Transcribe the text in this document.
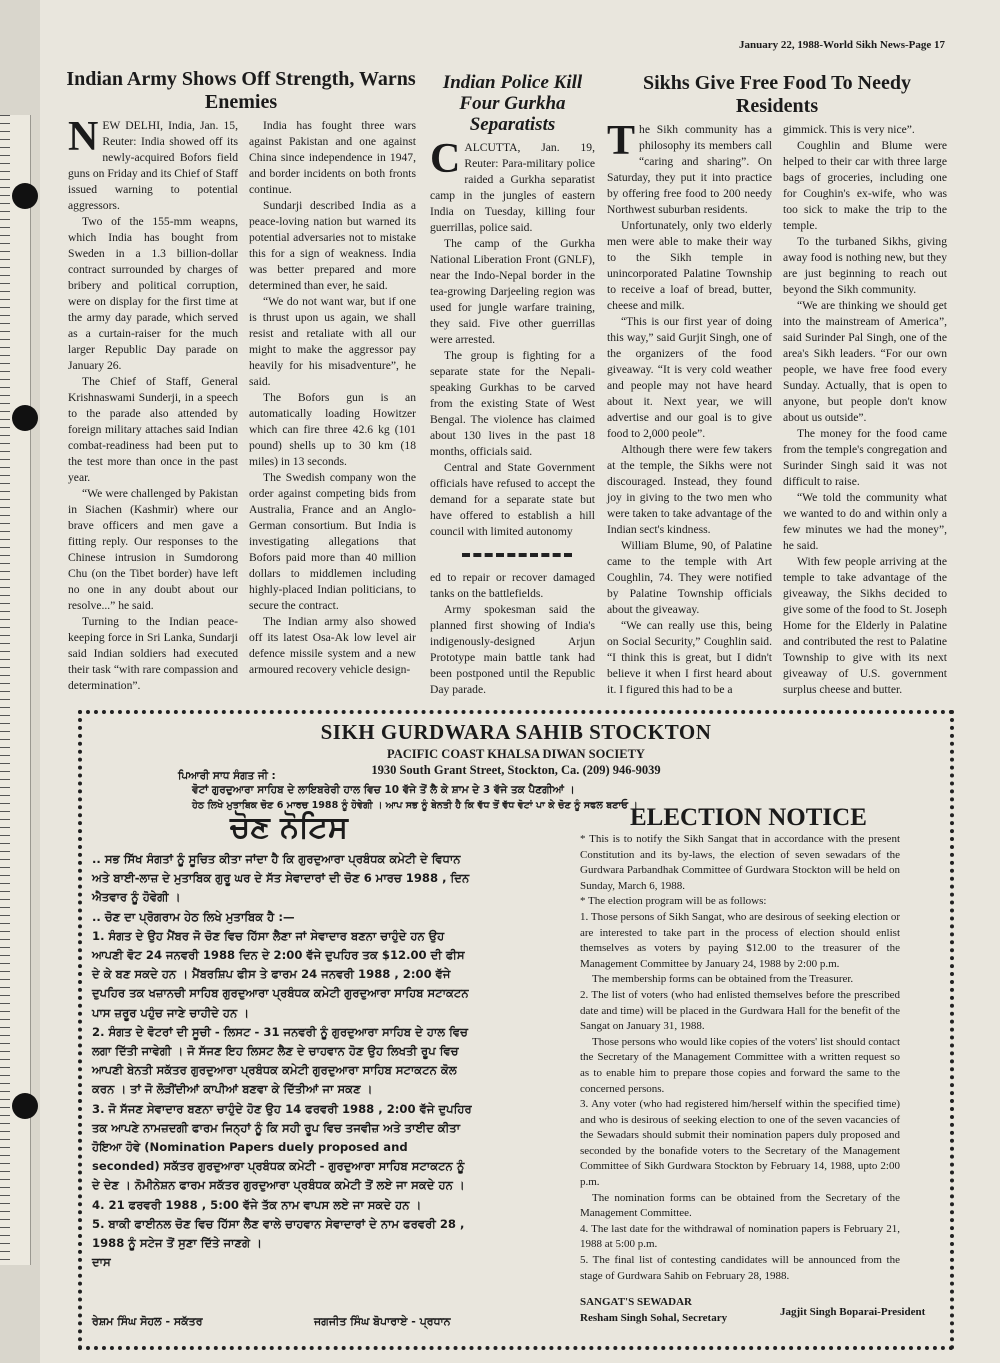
January 22, 1988-World Sikh News-Page 17
Indian Army Shows Off Strength, Warns Enemies

NEW DELHI, India, Jan. 15, Reuter: India showed off its newly-acquired Bofors field guns on Friday and its Chief of Staff issued warning to potential aggressors.

Two of the 155-mm weapns, which India has bought from Sweden in a 1.3 billion-dollar contract surrounded by charges of bribery and political corruption, were on display for the first time at the army day parade, which served as a curtain-raiser for the much larger Republic Day parade on January 26.

The Chief of Staff, General Krishnaswami Sunderji, in a speech to the parade also attended by foreign military attaches said Indian combat-readiness had been put to the test more than once in the past year.

“We were challenged by Pakistan in Siachen (Kashmir) where our brave officers and men gave a fitting reply. Our responses to the Chinese intrusion in Sumdorong Chu (on the Tibet border) have left no one in any doubt about our resolve...” he said.

Turning to the Indian peace-keeping force in Sri Lanka, Sundarji said Indian soldiers had executed their task “with rare compassion and determination”.

India has fought three wars against Pakistan and one against China since independence in 1947, and border incidents on both fronts continue.

Sundarji described India as a peace-loving nation but warned its potential adversaries not to mistake this for a sign of weakness. India was better prepared and more determined than ever, he said.

“We do not want war, but if one is thrust upon us again, we shall resist and retaliate with all our might to make the aggressor pay heavily for his misadventure”, he said.

The Bofors gun is an automatically loading Howitzer which can fire three 42.6 kg (101 pound) shells up to 30 km (18 miles) in 13 seconds.

The Swedish company won the order against competing bids from Australia, France and an Anglo-German consortium. But India is investigating allegations that Bofors paid more than 40 million dollars to middlemen including highly-placed Indian politicians, to secure the contract.

The Indian army also showed off its latest Osa-Ak low level air defence missile system and a new armoured recovery vehicle design-

ed to repair or recover damaged tanks on the battlefields.

Army spokesman said the planned first showing of India's indigenously-designed Arjun Prototype main battle tank had been postponed until the Republic Day parade.

Indian Police Kill Four Gurkha Separatists

CALCUTTA, Jan. 19, Reuter: Para-military police raided a Gurkha separatist camp in the jungles of eastern India on Tuesday, killing four guerrillas, police said.

The camp of the Gurkha National Liberation Front (GNLF), near the Indo-Nepal border in the tea-growing Darjeeling region was used for jungle warfare training, they said. Five other guerrillas were arrested.

The group is fighting for a separate state for the Nepali-speaking Gurkhas to be carved from the existing State of West Bengal. The violence has claimed about 130 lives in the past 18 months, officials said.

Central and State Government officials have refused to accept the demand for a separate state but have offered to establish a hill council with limited autonomy

Sikhs Give Free Food To Needy Residents

The Sikh community has a philosophy its members call “caring and sharing”. On Saturday, they put it into practice by offering free food to 200 needy Northwest suburban residents.

Unfortunately, only two elderly men were able to make their way to the Sikh temple in unincorporated Palatine Township to receive a loaf of bread, butter, cheese and milk.

“This is our first year of doing this way,” said Gurjit Singh, one of the organizers of the food giveaway. “It is very cold weather and people may not have heard about it. Next year, we will advertise and our goal is to give food to 2,000 peole”.

Although there were few takers at the temple, the Sikhs were not discouraged. Instead, they found joy in giving to the two men who were taken to take advantage of the Indian sect's kindness.

William Blume, 90, of Palatine came to the temple with Art Coughlin, 74. They were notified by Palatine Township officials about the giveaway.

“We can really use this, being on Social Security,” Coughlin said. “I think this is great, but I didn't believe it when I first heard about it. I figured this had to be a

gimmick. This is very nice”.

Coughlin and Blume were helped to their car with three large bags of groceries, including one for Coughin's ex-wife, who was too sick to make the trip to the temple.

To the turbaned Sikhs, giving away food is nothing new, but they are just beginning to reach out beyond the Sikh community.

“We are thinking we should get into the mainstream of America”, said Surinder Pal Singh, one of the area's Sikh leaders. “For our own people, we have free food every Sunday. Actually, that is open to anyone, but people don't know about us outside”.

The money for the food came from the temple's congregation and Surinder Singh said it was not difficult to raise.

“We told the community what we wanted to do and within only a few minutes we had the money”, he said.

With few people arriving at the temple to take advantage of the giveaway, the Sikhs decided to give some of the food to St. Joseph Home for the Elderly in Palatine and contributed the rest to Palatine Township to give with its next giveaway of U.S. government surplus cheese and butter.

SIKH GURDWARA SAHIB STOCKTON
PACIFIC COAST KHALSA DIWAN SOCIETY
1930 South Grant Street, Stockton, Ca. (209) 946-9039
ਪਿਆਰੀ ਸਾਧ ਸੰਗਤ ਜੀ :
ਵੋਟਾਂ ਗੁਰਦੁਆਰਾ ਸਾਹਿਬ ਦੇ ਲਾਇਬਰੇਰੀ ਹਾਲ ਵਿਚ 10 ਵੱਜੇ ਤੋਂ ਲੈ ਕੇ ਸ਼ਾਮ ਦੇ 3 ਵੱਜੇ ਤਕ ਪੈਣਗੀਆਂ ।
ਹੇਠ ਲਿਖੇ ਮੁਤਾਬਿਕ ਚੋਣ 6 ਮਾਰਚ 1988 ਨੂੰ ਹੋਵੇਗੀ । ਆਪ ਸਭ ਨੂੰ ਬੇਨਤੀ ਹੈ ਕਿ ਵੱਧ ਤੋਂ ਵੱਧ ਵੋਟਾਂ ਪਾ ਕੇ ਚੋਣ ਨੂੰ ਸਫਲ ਬਣਾਓ ।
ਚੋਣ ਨੋਟਿਸ

.. ਸਭ ਸਿੱਖ ਸੰਗਤਾਂ ਨੂੰ ਸੂਚਿਤ ਕੀਤਾ ਜਾਂਦਾ ਹੈ ਕਿ ਗੁਰਦੁਆਰਾ ਪ੍ਰਬੰਧਕ ਕਮੇਟੀ ਦੇ ਵਿਧਾਨ ਅਤੇ ਬਾਈ-ਲਾਜ਼ ਦੇ ਮੁਤਾਬਿਕ ਗੁਰੂ ਘਰ ਦੇ ਸੱਤ ਸੇਵਾਦਾਰਾਂ ਦੀ ਚੋਣ 6 ਮਾਰਚ 1988 , ਦਿਨ ਐਤਵਾਰ ਨੂੰ ਹੋਵੇਗੀ ।

.. ਚੋਣ ਦਾ ਪ੍ਰੋਗਰਾਮ ਹੇਠ ਲਿਖੇ ਮੁਤਾਬਿਕ ਹੈ :—

1. ਸੰਗਤ ਦੇ ਉਹ ਮੈਂਬਰ ਜੋ ਚੋਣ ਵਿਚ ਹਿੱਸਾ ਲੈਣਾ ਜਾਂ ਸੇਵਾਦਾਰ ਬਣਨਾ ਚਾਹੁੰਦੇ ਹਨ ਉਹ ਆਪਣੀ ਵੋਟ 24 ਜਨਵਰੀ 1988 ਦਿਨ ਦੇ 2:00 ਵੱਜੇ ਦੁਪਹਿਰ ਤਕ $12.00 ਦੀ ਫੀਸ ਦੇ ਕੇ ਬਣ ਸਕਦੇ ਹਨ । ਮੈਂਬਰਸ਼ਿਪ ਫੀਸ ਤੇ ਫਾਰਮ 24 ਜਨਵਰੀ 1988 , 2:00 ਵੱਜੇ ਦੁਪਹਿਰ ਤਕ ਖਜ਼ਾਨਚੀ ਸਾਹਿਬ ਗੁਰਦੁਆਰਾ ਪ੍ਰਬੰਧਕ ਕਮੇਟੀ ਗੁਰਦੁਆਰਾ ਸਾਹਿਬ ਸਟਾਕਟਨ ਪਾਸ ਜ਼ਰੂਰ ਪਹੁੰਚ ਜਾਣੇ ਚਾਹੀਦੇ ਹਨ ।

2. ਸੰਗਤ ਦੇ ਵੋਟਰਾਂ ਦੀ ਸੂਚੀ - ਲਿਸਟ - 31 ਜਨਵਰੀ ਨੂੰ ਗੁਰਦੁਆਰਾ ਸਾਹਿਬ ਦੇ ਹਾਲ ਵਿਚ ਲਗਾ ਦਿੱਤੀ ਜਾਵੇਗੀ । ਜੋ ਸੱਜਣ ਇਹ ਲਿਸਟ ਲੈਣ ਦੇ ਚਾਹਵਾਨ ਹੋਣ ਉਹ ਲਿਖਤੀ ਰੂਪ ਵਿਚ ਆਪਣੀ ਬੇਨਤੀ ਸਕੱਤਰ ਗੁਰਦੁਆਰਾ ਪ੍ਰਬੰਧਕ ਕਮੇਟੀ ਗੁਰਦੁਆਰਾ ਸਾਹਿਬ ਸਟਾਕਟਨ ਕੋਲ ਕਰਨ । ਤਾਂ ਜੋ ਲੋੜੀਂਦੀਆਂ ਕਾਪੀਆਂ ਬਣਵਾ ਕੇ ਦਿੱਤੀਆਂ ਜਾ ਸਕਣ ।

3. ਜੋ ਸੱਜਣ ਸੇਵਾਦਾਰ ਬਣਨਾ ਚਾਹੁੰਦੇ ਹੋਣ ਉਹ 14 ਫਰਵਰੀ 1988 , 2:00 ਵੱਜੇ ਦੁਪਹਿਰ ਤਕ ਆਪਣੇ ਨਾਮਜ਼ਦਗੀ ਫਾਰਮ ਜਿਨ੍ਹਾਂ ਨੂੰ ਕਿ ਸਹੀ ਰੂਪ ਵਿਚ ਤਜਵੀਜ਼ ਅਤੇ ਤਾਈਦ ਕੀਤਾ ਹੋਇਆ ਹੋਵੇ (Nomination Papers duely proposed and seconded) ਸਕੱਤਰ ਗੁਰਦੁਆਰਾ ਪ੍ਰਬੰਧਕ ਕਮੇਟੀ - ਗੁਰਦੁਆਰਾ ਸਾਹਿਬ ਸਟਾਕਟਨ ਨੂੰ ਦੇ ਦੇਣ । ਨੋਮੀਨੇਸ਼ਨ ਫਾਰਮ ਸਕੱਤਰ ਗੁਰਦੁਆਰਾ ਪ੍ਰਬੰਧਕ ਕਮੇਟੀ ਤੋਂ ਲਏ ਜਾ ਸਕਦੇ ਹਨ ।

4. 21 ਫਰਵਰੀ 1988 , 5:00 ਵੱਜੇ ਤੱਕ ਨਾਮ ਵਾਪਸ ਲਏ ਜਾ ਸਕਦੇ ਹਨ ।

5. ਬਾਕੀ ਫਾਈਨਲ ਚੋਣ ਵਿਚ ਹਿੱਸਾ ਲੈਣ ਵਾਲੇ ਚਾਹਵਾਨ ਸੇਵਾਦਾਰਾਂ ਦੇ ਨਾਮ ਫਰਵਰੀ 28 , 1988 ਨੂੰ ਸਟੇਜ ਤੋਂ ਸੁਣਾ ਦਿੱਤੇ ਜਾਣਗੇ ।

ਦਾਸ

ਰੇਸ਼ਮ ਸਿੰਘ ਸੋਹਲ - ਸਕੱਤਰ	ਜਗਜੀਤ ਸਿੰਘ ਬੋਪਾਰਾਏ - ਪ੍ਰਧਾਨ
ELECTION NOTICE

* This is to notify the Sikh Sangat that in accordance with the present Constitution and its by-laws, the election of seven sewadars of the Gurdwara Parbandhak Committee of Gurdwara Stockton will be held on Sunday, March 6, 1988.

* The election program will be as follows:

1. Those persons of Sikh Sangat, who are desirous of seeking election or are interested to take part in the process of election should enlist themselves as voters by paying $12.00 to the treasurer of the Management Committee by January 24, 1988 by 2:00 p.m.

The membership forms can be obtained from the Treasurer.

2. The list of voters (who had enlisted themselves before the prescribed date and time) will be placed in the Gurdwara Hall for the benefit of the Sangat on January 31, 1988.

Those persons who would like copies of the voters' list should contact the Secretary of the Management Committee with a written request so as to enable him to prepare those copies and forward the same to the concerned persons.

3. Any voter (who had registered him/herself within the specified time) and who is desirous of seeking election to one of the seven vacancies of the Sewadars should submit their nomination papers duly proposed and seconded by the bonafide voters to the Secretary of the Management Committee of Sikh Gurdwara Stockton by February 14, 1988, upto 2:00 p.m.

The nomination forms can be obtained from the Secretary of the Management Committee.

4. The last date for the withdrawal of nomination papers is February 21, 1988 at 5:00 p.m.

5. The final list of contesting candidates will be announced from the stage of Gurdwara Sahib on February 28, 1988.

SANGAT'S SEWADAR
Resham Singh Sohal, Secretary	Jagjit Singh Boparai-President
